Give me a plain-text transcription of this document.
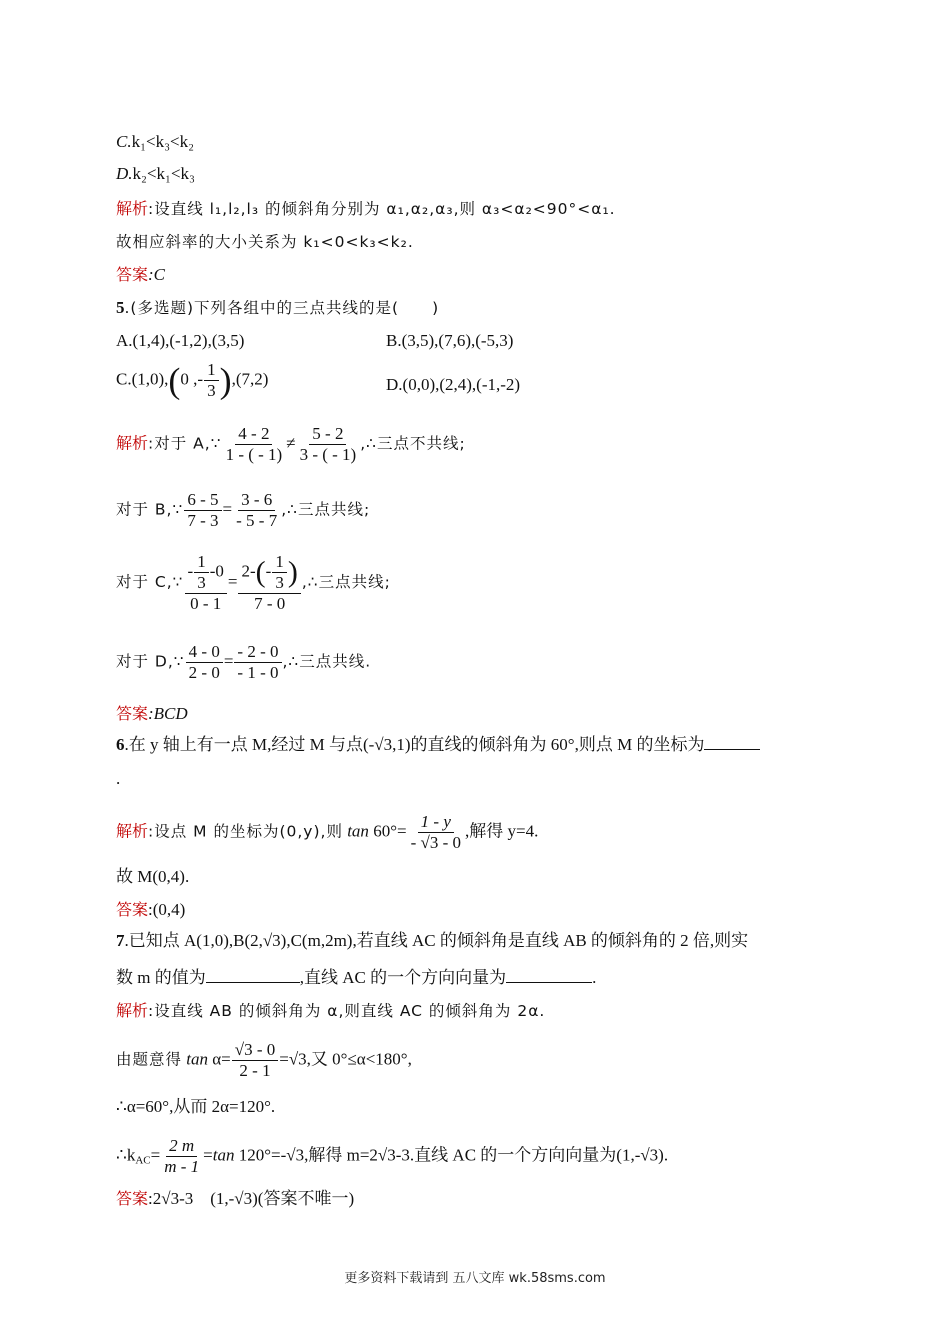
C.k₁<k₃<k₂
D.k₂<k₁<k₃
解析:设直线 l₁,l₂,l₃ 的倾斜角分别为 α₁,α₂,α₃,则 α₃<α₂<90°<α₁.
故相应斜率的大小关系为 k₁<0<k₃<k₂.
答案:C
5.(多选题)下列各组中的三点共线的是(　　)
A.(1,4),(-1,2),(3,5)	B.(3,5),(7,6),(-5,3)
C.(1,0),(0 ,- $\frac{1}{3} ),(7,2)$	D.(0,0),(2,4),(-1,-2)
解析:对于 A,∵ $\frac{4 - 2}{1 - ( - 1)} \ne \frac{5 - 2}{3 - ( - 1)}$ ,∴三点不共线;
对于 B,∵ $\frac{6 - 5}{7 - 3} = \frac{3 - 6}{- 5 - 7}$ ,∴三点共线;
对于 C,∵ $\frac{- \frac{1}{3} -0}{0 - 1} = \frac{2-(- \frac{1}{3} )}{7 - 0}$ ,∴三点共线;
对于 D,∵ $\frac{4 - 0}{2 - 0} = \frac{- 2 - 0}{- 1 - 0}$ ,∴三点共线.
答案:BCD
6.在 y 轴上有一点 M,经过 M 与点(-√3,1)的直线的倾斜角为 60°,则点 M 的坐标为
.
解析:设点 M 的坐标为(0,y),则 $\tan 60^\circ= \frac{1 - y}{- √3 - 0}$ ,解得 y=4.
故 M(0,4).
答案:(0,4)
7.已知点 A(1,0),B(2,√3),C(m,2m),若直线 AC 的倾斜角是直线 AB 的倾斜角的 2 倍,则实
数 m 的值为	,直线 AC 的一个方向向量为	.
解析:设直线 AB 的倾斜角为 α,则直线 AC 的倾斜角为 2α.
由题意得 $\tan \alpha= \frac{√3 - 0}{2 - 1} =√3$,又 0°≤α<180°,
∴α=60°,从而 2α=120°.
$\therefore k_{AC}= \frac{2 m}{m - 1} =\tan$ 120°=-√3,解得 m=2√3-3.直线 AC 的一个方向向量为(1,-√3).
答案:2√3-3　(1,-√3)(答案不唯一)
更多资料下载请到 五八文库 wk.58sms.com
